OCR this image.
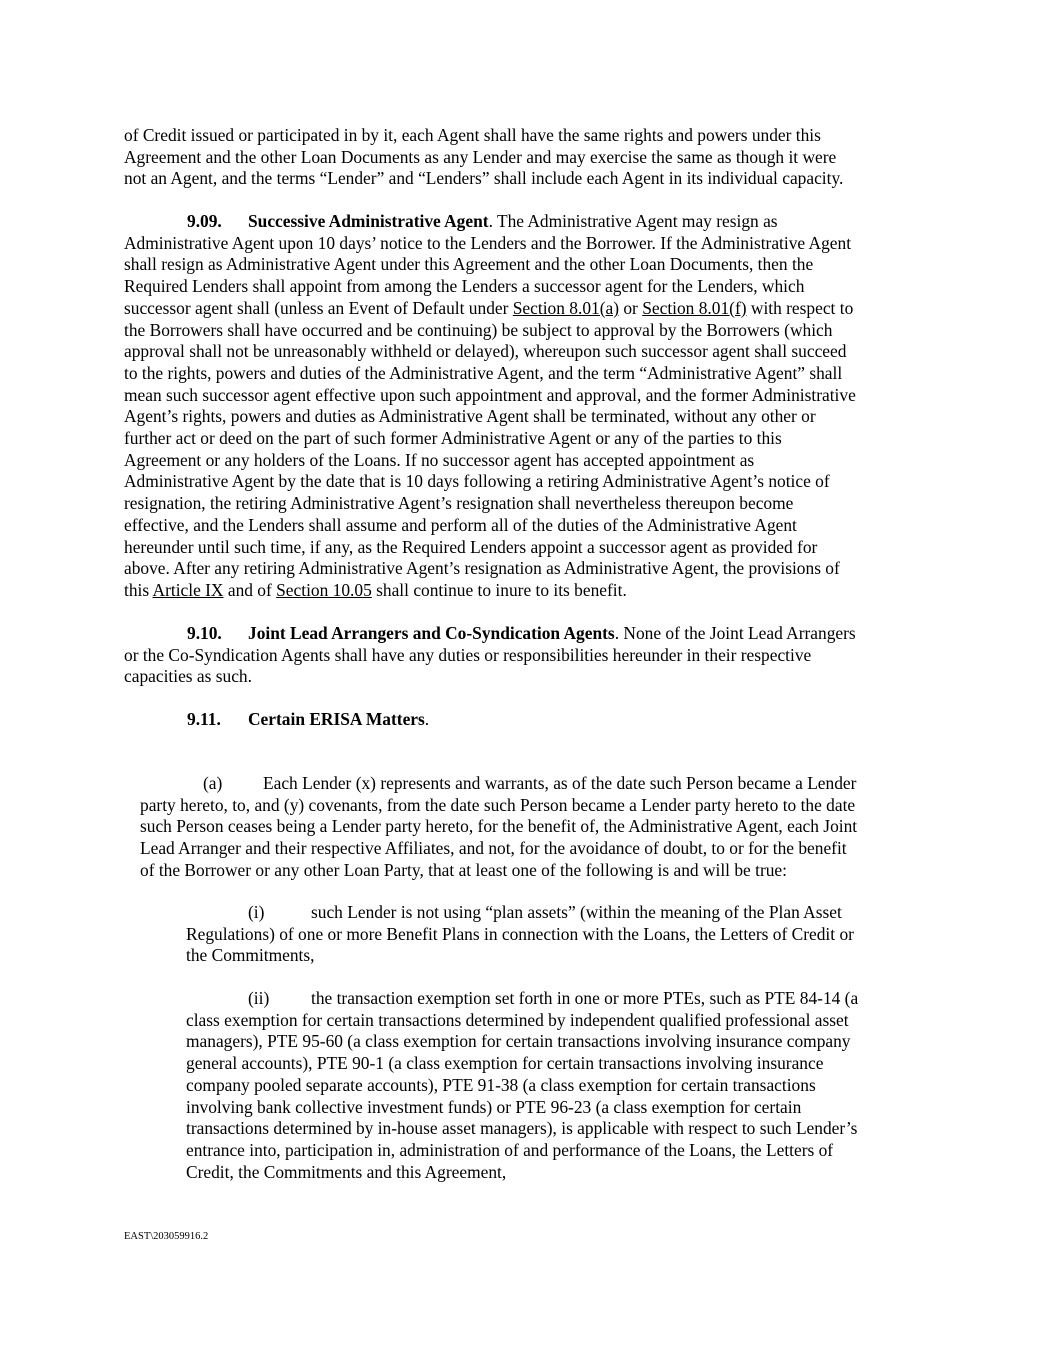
of Credit issued or participated in by it, each Agent shall have the same rights and powers under this
Agreement and the other Loan Documents as any Lender and may exercise the same as though it were
not an Agent, and the terms “Lender” and “Lenders” shall include each Agent in its individual capacity.
9.09. Successive Administrative Agent. The Administrative Agent may resign as
Administrative Agent upon 10 days’ notice to the Lenders and the Borrower. If the Administrative Agent
shall resign as Administrative Agent under this Agreement and the other Loan Documents, then the
Required Lenders shall appoint from among the Lenders a successor agent for the Lenders, which
successor agent shall (unless an Event of Default under Section 8.01(a) or Section 8.01(f) with respect to
the Borrowers shall have occurred and be continuing) be subject to approval by the Borrowers (which
approval shall not be unreasonably withheld or delayed), whereupon such successor agent shall succeed
to the rights, powers and duties of the Administrative Agent, and the term “Administrative Agent” shall
mean such successor agent effective upon such appointment and approval, and the former Administrative
Agent’s rights, powers and duties as Administrative Agent shall be terminated, without any other or
further act or deed on the part of such former Administrative Agent or any of the parties to this
Agreement or any holders of the Loans. If no successor agent has accepted appointment as
Administrative Agent by the date that is 10 days following a retiring Administrative Agent’s notice of
resignation, the retiring Administrative Agent’s resignation shall nevertheless thereupon become
effective, and the Lenders shall assume and perform all of the duties of the Administrative Agent
hereunder until such time, if any, as the Required Lenders appoint a successor agent as provided for
above. After any retiring Administrative Agent’s resignation as Administrative Agent, the provisions of
this Article IX and of Section 10.05 shall continue to inure to its benefit.
9.10. Joint Lead Arrangers and Co-Syndication Agents. None of the Joint Lead Arrangers
or the Co-Syndication Agents shall have any duties or responsibilities hereunder in their respective
capacities as such.
9.11. Certain ERISA Matters.
(a) Each Lender (x) represents and warrants, as of the date such Person became a Lender
party hereto, to, and (y) covenants, from the date such Person became a Lender party hereto to the date
such Person ceases being a Lender party hereto, for the benefit of, the Administrative Agent, each Joint
Lead Arranger and their respective Affiliates, and not, for the avoidance of doubt, to or for the benefit
of the Borrower or any other Loan Party, that at least one of the following is and will be true:
(i)	such Lender is not using “plan assets” (within the meaning of the Plan Asset
Regulations) of one or more Benefit Plans in connection with the Loans, the Letters of Credit or
the Commitments,
(ii) the transaction exemption set forth in one or more PTEs, such as PTE 84-14 (a
class exemption for certain transactions determined by independent qualified professional asset
managers), PTE 95-60 (a class exemption for certain transactions involving insurance company
general accounts), PTE 90-1 (a class exemption for certain transactions involving insurance
company pooled separate accounts), PTE 91-38 (a class exemption for certain transactions
involving bank collective investment funds) or PTE 96-23 (a class exemption for certain
transactions determined by in-house asset managers), is applicable with respect to such Lender’s
entrance into, participation in, administration of and performance of the Loans, the Letters of
Credit, the Commitments and this Agreement,
EAST\203059916.2
